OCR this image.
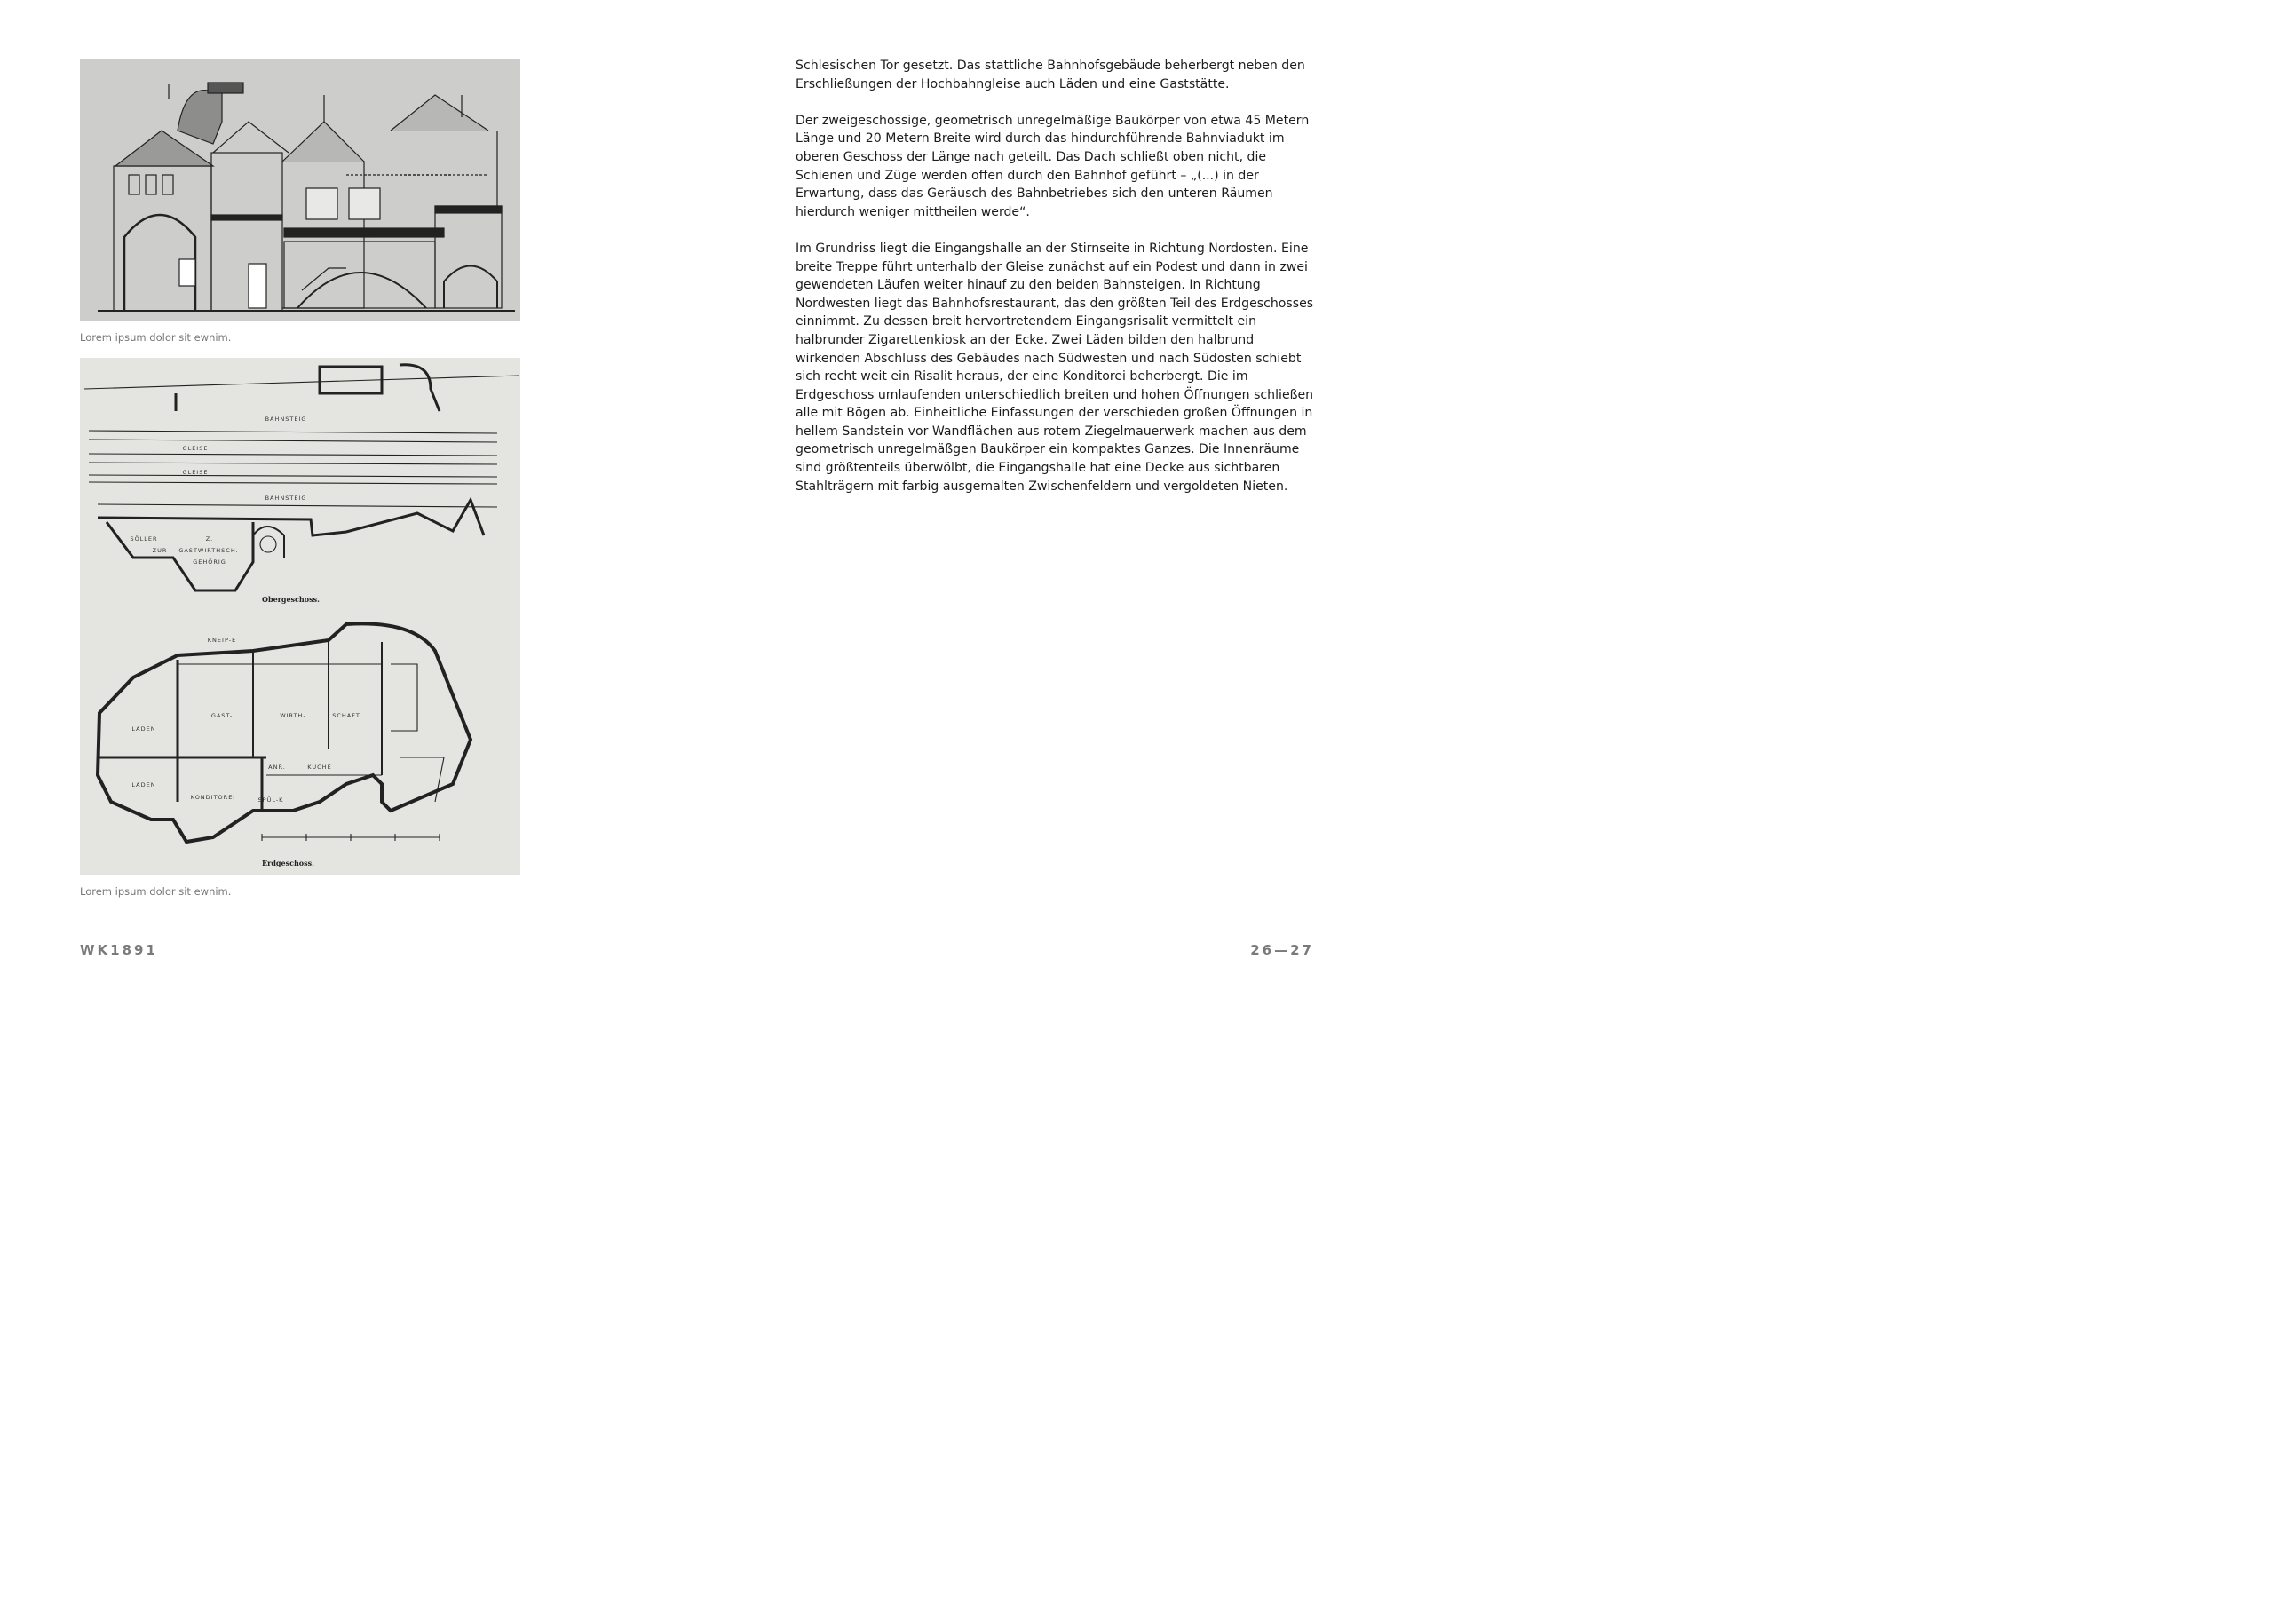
Lorem ipsum dolor sit ewnim.
BAHNSTEIG
GLEISE
GLEISE
BAHNSTEIG
SÖLLER
ZUR
Z.
GASTWIRTHSCH.
GEHÖRIG
KNEIP-E
GAST-	WIRTH-	SCHAFT
LADEN
LADEN
KÜCHE
ANR.
SPÜL-K
KONDITOREI
Obergeschoss.
Erdgeschoss.
Lorem ipsum dolor sit ewnim.

Schlesischen Tor gesetzt. Das stattliche Bahnhofsgebäude beherbergt neben den Erschließungen der Hochbahngleise auch Läden und eine Gaststätte.

Der zweigeschossige, geometrisch unregelmäßige Baukörper von etwa 45 Metern Länge und 20 Metern Breite wird durch das hindurchführende Bahnviadukt im oberen Geschoss der Länge nach geteilt. Das Dach schließt oben nicht, die Schienen und Züge werden offen durch den Bahnhof geführt – „(...) in der Erwartung, dass das Geräusch des Bahnbetriebes sich den unteren Räumen hierdurch weniger mittheilen werde“.

Im Grundriss liegt die Eingangshalle an der Stirnseite in Richtung Nordosten. Eine breite Treppe führt unterhalb der Gleise zunächst auf ein Podest und dann in zwei gewendeten Läufen weiter hinauf zu den beiden Bahnsteigen. In Richtung Nordwesten liegt das Bahnhofsrestaurant, das den größten Teil des Erdgeschosses einnimmt. Zu dessen breit hervortretendem Eingangsrisalit vermittelt ein halbrunder Zigarettenkiosk an der Ecke. Zwei Läden bilden den halbrund wirkenden Abschluss des Gebäudes nach Südwesten und nach Südosten schiebt sich recht weit ein Risalit heraus, der eine Konditorei beherbergt. Die im Erdgeschoss umlaufenden unterschiedlich breiten und hohen Öffnungen schließen alle mit Bögen ab. Einheitliche Einfassungen der verschieden großen Öffnungen in hellem Sandstein vor Wandflächen aus rotem Ziegelmauerwerk machen aus dem geometrisch unregelmäßgen Baukörper ein kompaktes Ganzes. Die Innenräume sind größtenteils überwölbt, die Eingangshalle hat eine Decke aus sichtbaren Stahlträgern mit farbig ausgemalten Zwischenfeldern und vergoldeten Nieten.

WK1891	26—27
